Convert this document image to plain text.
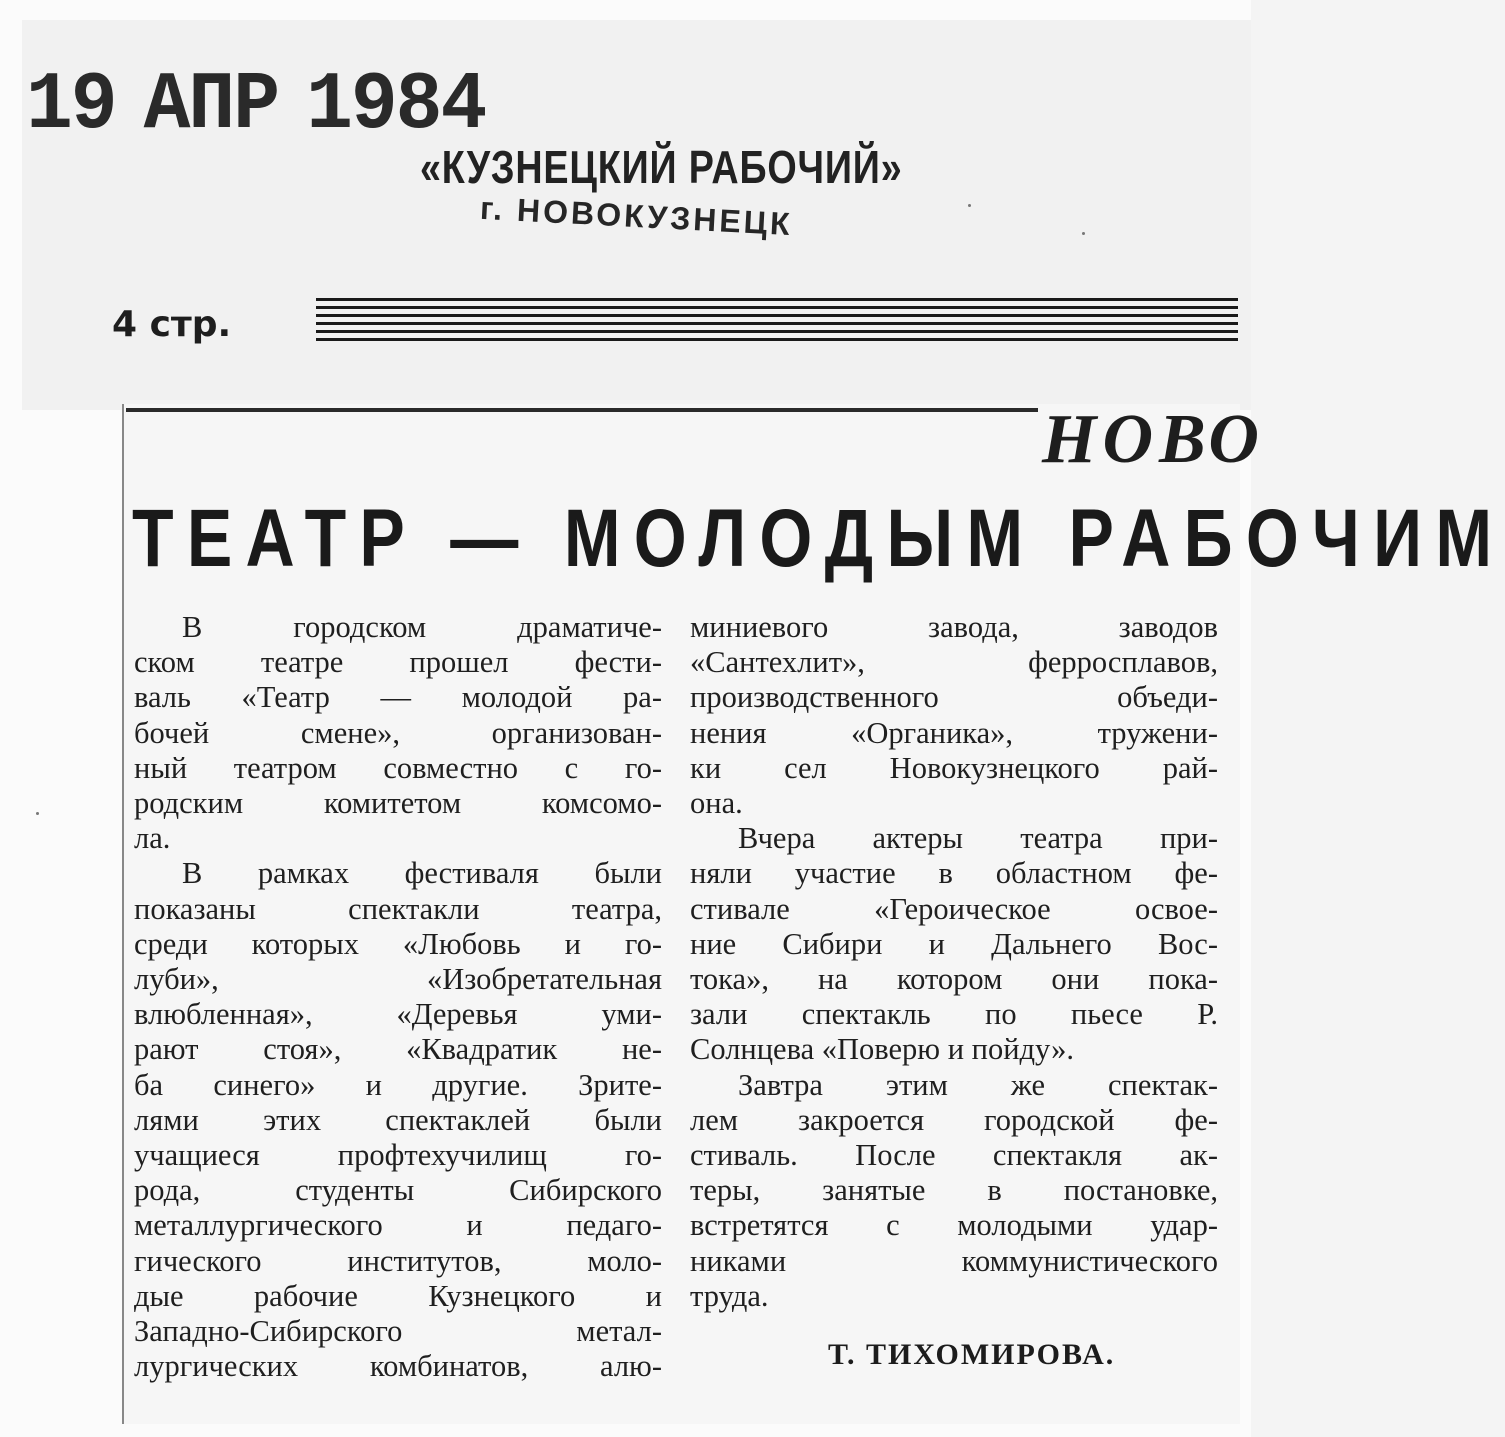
19 АПР 1984
«КУЗНЕЦКИЙ РАБОЧИЙ»
г. НОВОКУЗНЕЦК
4 стр.
НОВО
ТЕАТР — МОЛОДЫМ РАБОЧИМ
В городском драматиче-
ском театре прошел фести-
валь «Театр — молодой ра-
бочей смене», организован-
ный театром совместно с го-
родским комитетом комсомо-
ла.
В рамках фестиваля были
показаны спектакли театра,
среди которых «Любовь и го-
луби», «Изобретательная
влюбленная», «Деревья уми-
рают стоя», «Квадратик не-
ба синего» и другие. Зрите-
лями этих спектаклей были
учащиеся профтехучилищ го-
рода, студенты Сибирского
металлургического и педаго-
гического институтов, моло-
дые рабочие Кузнецкого и
Западно-Сибирского метал-
лургических комбинатов, алю-
миниевого завода, заводов
«Сантехлит», ферросплавов,
производственного объеди-
нения «Органика», тружени-
ки сел Новокузнецкого рай-
она.
Вчера актеры театра при-
няли участие в областном фе-
стивале «Героическое освое-
ние Сибири и Дальнего Вос-
тока», на котором они пока-
зали спектакль по пьесе Р.
Солнцева «Поверю и пойду».
Завтра этим же спектак-
лем закроется городской фе-
стиваль. После спектакля ак-
теры, занятые в постановке,
встретятся с молодыми удар-
никами коммунистического
труда.
Т. ТИХОМИРОВА.
